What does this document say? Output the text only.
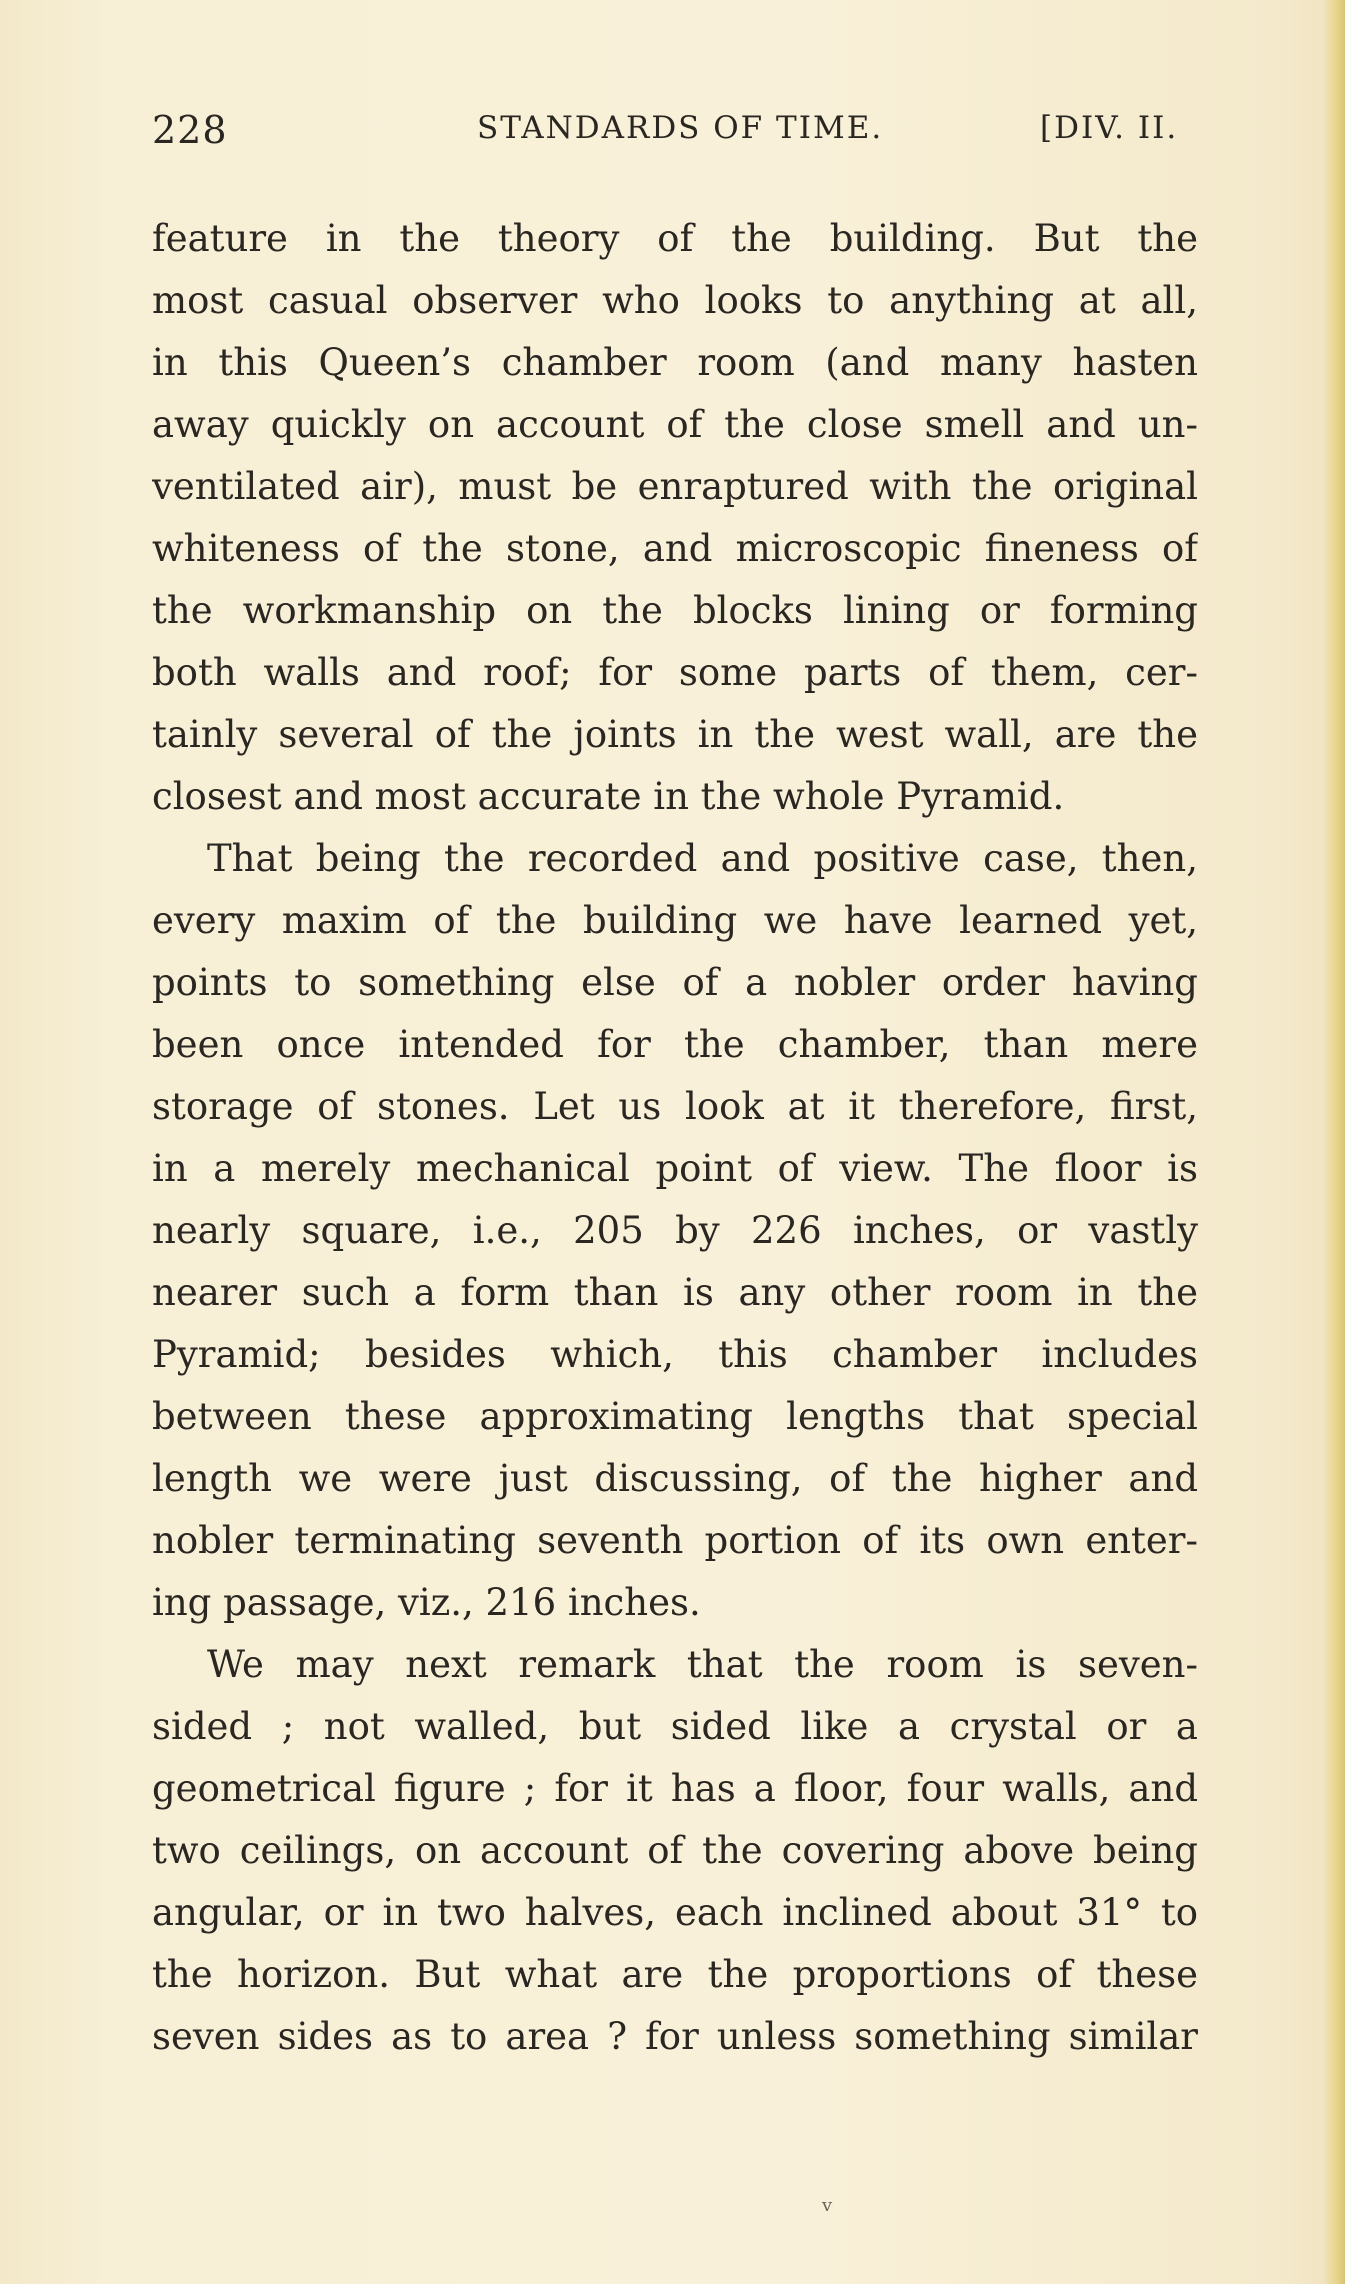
228	STANDARDS OF TIME.	[DIV. II.
feature in the theory of the building. But the
most casual observer who looks to anything at all,
in this Queen’s chamber room (and many hasten
away quickly on account of the close smell and un-
ventilated air), must be enraptured with the original
whiteness of the stone, and microscopic fineness of
the workmanship on the blocks lining or forming
both walls and roof; for some parts of them, cer-
tainly several of the joints in the west wall, are the
closest and most accurate in the whole Pyramid.
That being the recorded and positive case, then,
every maxim of the building we have learned yet,
points to something else of a nobler order having
been once intended for the chamber, than mere
storage of stones. Let us look at it therefore, first,
in a merely mechanical point of view. The floor is
nearly square, i.e., 205 by 226 inches, or vastly
nearer such a form than is any other room in the
Pyramid; besides which, this chamber includes
between these approximating lengths that special
length we were just discussing, of the higher and
nobler terminating seventh portion of its own enter-
ing passage, viz., 216 inches.
We may next remark that the room is seven-
sided ; not walled, but sided like a crystal or a
geometrical figure ; for it has a floor, four walls, and
two ceilings, on account of the covering above being
angular, or in two halves, each inclined about 31° to
the horizon. But what are the proportions of these
seven sides as to area ? for unless something similar
v
